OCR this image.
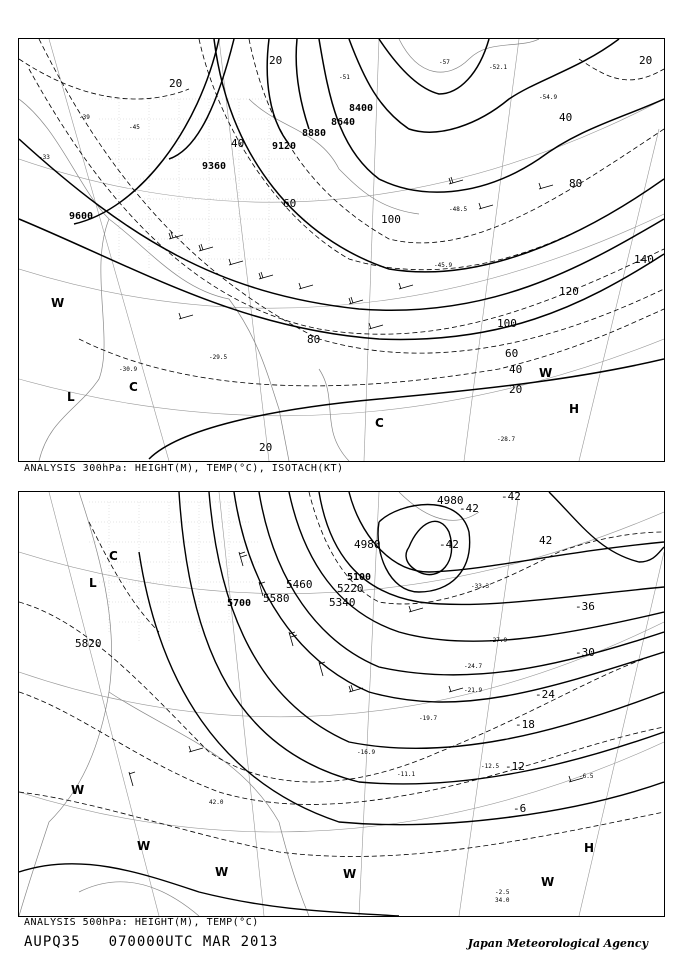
9600
9360
9120
8880
8640
8400
20
20
40
40
60
80
100
120
140
100
80
60
40
20
20
20
L
W
C
C
H
W
-39
-45
-33
-51
-57
-52.1
-54.9
-48.5
-45.9
-29.5
-28.7
-30.9
ANALYSIS 300hPa: HEIGHT(M), TEMP(°C), ISOTACH(KT)
4980
4980
5100
5220
5340
5460
5580
5700
5820
-42
-42
-42
-36
-30
-24
-18
-12
-6
42
L
C
W
W
W	W
H
W
-33.3
-27.9
-24.7
-21.9
-19.7
-16.9
-12.5
-11.1	-6.5
-2.5
34.0
42.0
ANALYSIS 500hPa: HEIGHT(M), TEMP(°C)
AUPQ35 070000UTC MAR 2013	Japan Meteorological Agency
